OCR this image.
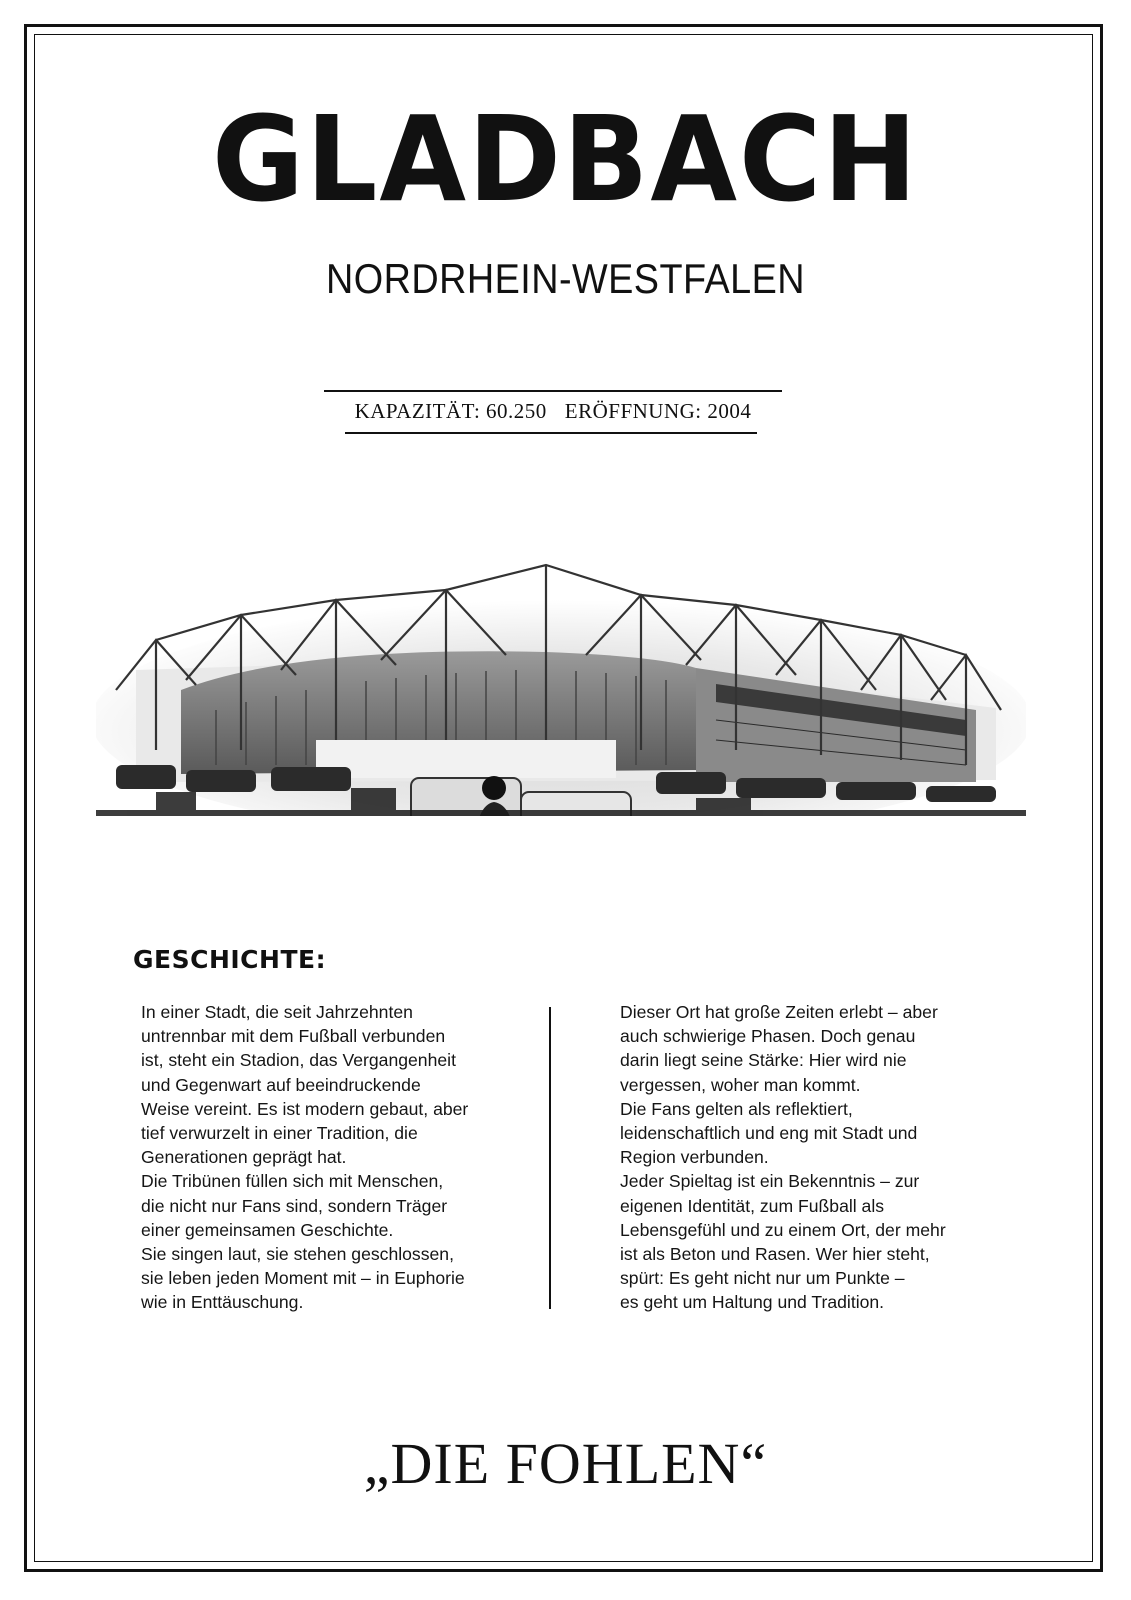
GLADBACH
NORDRHEIN-WESTFALEN
KAPAZITÄT: 60.250 ERÖFFNUNG: 2004
GESCHICHTE:

In einer Stadt, die seit Jahrzehnten
untrennbar mit dem Fußball verbunden
ist, steht ein Stadion, das Vergangenheit
und Gegenwart auf beeindruckende
Weise vereint. Es ist modern gebaut, aber
tief verwurzelt in einer Tradition, die
Generationen geprägt hat.
Die Tribünen füllen sich mit Menschen,
die nicht nur Fans sind, sondern Träger
einer gemeinsamen Geschichte.
Sie singen laut, sie stehen geschlossen,
sie leben jeden Moment mit – in Euphorie
wie in Enttäuschung.

Dieser Ort hat große Zeiten erlebt – aber
auch schwierige Phasen. Doch genau
darin liegt seine Stärke: Hier wird nie
vergessen, woher man kommt.
Die Fans gelten als reflektiert,
leidenschaftlich und eng mit Stadt und
Region verbunden.
Jeder Spieltag ist ein Bekenntnis – zur
eigenen Identität, zum Fußball als
Lebensgefühl und zu einem Ort, der mehr
ist als Beton und Rasen. Wer hier steht,
spürt: Es geht nicht nur um Punkte –
es geht um Haltung und Tradition.

„DIE FOHLEN“
